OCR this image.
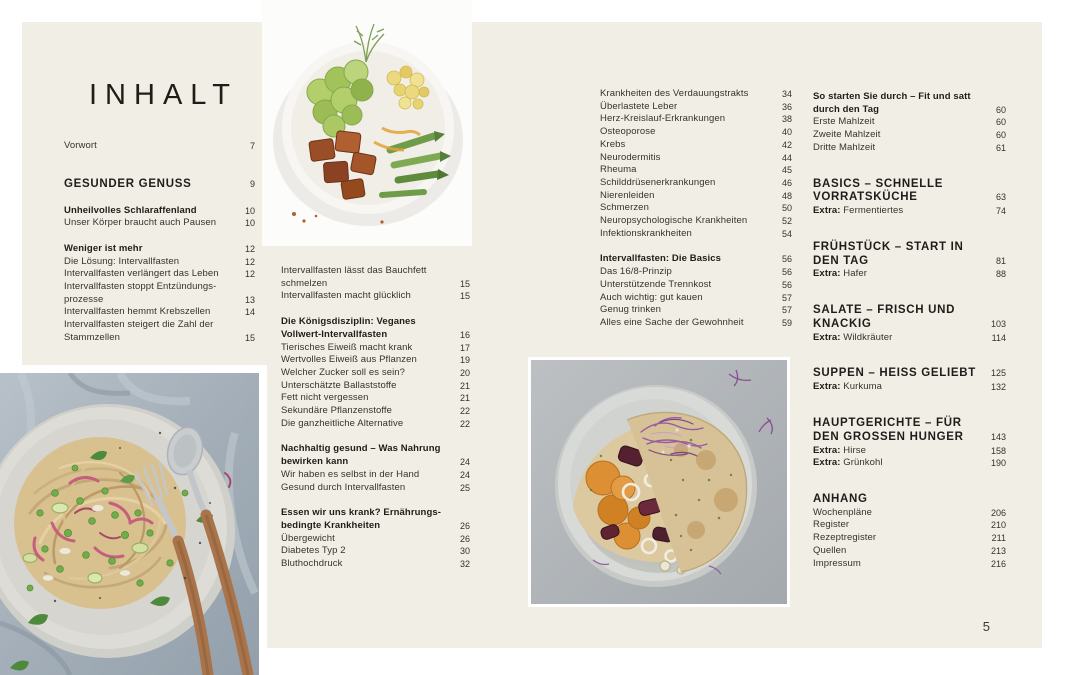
INHALT
Vorwort	7
GESUNDER GENUSS	9
Unheilvolles Schlaraffenland	10
Unser Körper braucht auch Pausen	10
Weniger ist mehr	12
Die Lösung: Intervallfasten	12
Intervallfasten verlängert das Leben	12
Intervallfasten stoppt Entzündungs-
prozesse	13
Intervallfasten hemmt Krebszellen	14
Intervallfasten steigert die Zahl der
Stammzellen	15
Intervallfasten lässt das Bauchfett
schmelzen	15
Intervallfasten macht glücklich	15
Die Königsdisziplin: Veganes
Vollwert-Intervallfasten	16
Tierisches Eiweiß macht krank	17
Wertvolles Eiweiß aus Pflanzen	19
Welcher Zucker soll es sein?	20
Unterschätzte Ballaststoffe	21
Fett nicht vergessen	21
Sekundäre Pflanzenstoffe	22
Die ganzheitliche Alternative	22
Nachhaltig gesund – Was Nahrung
bewirken kann	24
Wir haben es selbst in der Hand	24
Gesund durch Intervallfasten	25
Essen wir uns krank? Ernährungs-
bedingte Krankheiten	26
Übergewicht	26
Diabetes Typ 2	30
Bluthochdruck	32
Krankheiten des Verdauungstrakts	34
Überlastete Leber	36
Herz-Kreislauf-Erkrankungen	38
Osteoporose	40
Krebs	42
Neurodermitis	44
Rheuma	45
Schilddrüsenerkrankungen	46
Nierenleiden	48
Schmerzen	50
Neuropsychologische Krankheiten	52
Infektionskrankheiten	54
Intervallfasten: Die Basics	56
Das 16/8-Prinzip	56
Unterstützende Trennkost	56
Auch wichtig: gut kauen	57
Genug trinken	57
Alles eine Sache der Gewohnheit	59
So starten Sie durch – Fit und satt
durch den Tag	60
Erste Mahlzeit	60
Zweite Mahlzeit	60
Dritte Mahlzeit	61
BASICS – SCHNELLE
VORRATSKÜCHE	63
Extra: Fermentiertes	74
FRÜHSTÜCK – START IN
DEN TAG	81
Extra: Hafer	88
SALATE – FRISCH UND
KNACKIG	103
Extra: Wildkräuter	114
SUPPEN – HEISS GELIEBT 125
Extra: Kurkuma	132
HAUPTGERICHTE – FÜR
DEN GROSSEN HUNGER	143
Extra: Hirse	158
Extra: Grünkohl	190
ANHANG
Wochenpläne	206
Register	210
Rezeptregister	211
Quellen	213
Impressum	216
5
